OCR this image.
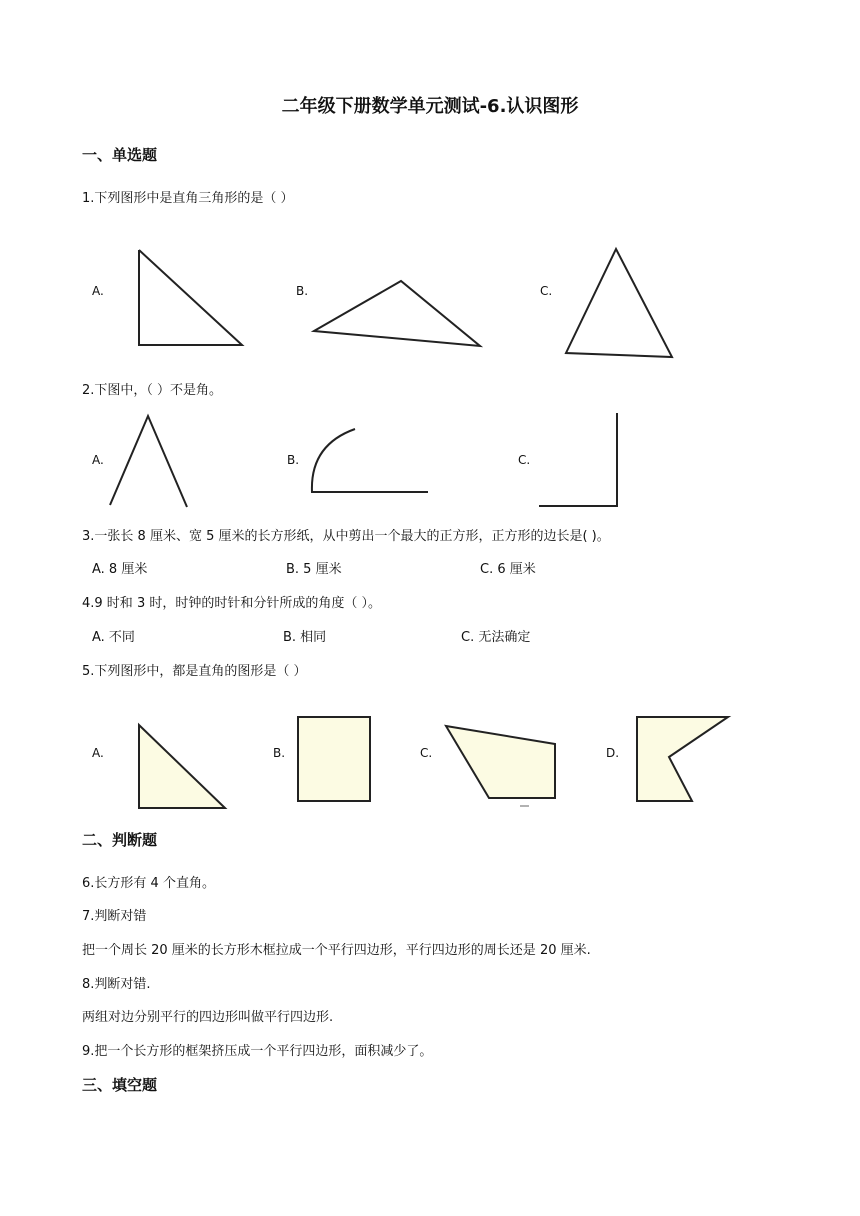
二年级下册数学单元测试-6.认识图形
一、单选题
1.下列图形中是直角三角形的是（ ）
A.	B.	C.
2.下图中，（ ）不是角。
A.	B.	C.
3.一张长 8 厘米、宽 5 厘米的长方形纸，从中剪出一个最大的正方形，正方形的边长是( )。
A. 8 厘米	B. 5 厘米	C. 6 厘米
4.9 时和 3 时，时钟的时针和分针所成的角度（ ）。
A. 不同	B. 相同	C. 无法确定
5.下列图形中，都是直角的图形是（ ）
A.	B.	C.	D.
二、判断题
6.长方形有 4 个直角。
7.判断对错
把一个周长 20 厘米的长方形木框拉成一个平行四边形，平行四边形的周长还是 20 厘米.
8.判断对错.
两组对边分别平行的四边形叫做平行四边形.
9.把一个长方形的框架挤压成一个平行四边形，面积减少了。
三、填空题
